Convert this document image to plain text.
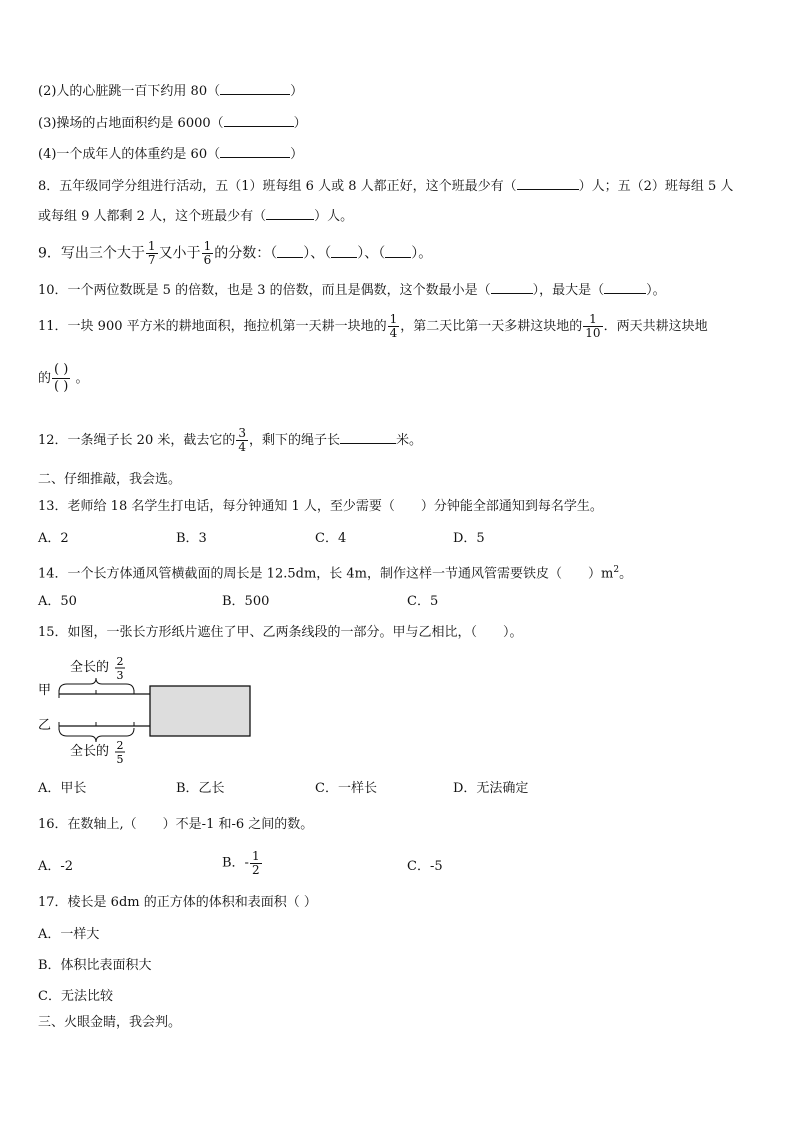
(2)人的心脏跳一百下约用 80（	）
(3)操场的占地面积约是 6000（	）
(4)一个成年人的体重约是 60（	）
8．五年级同学分组进行活动，五（1）班每组 6 人或 8 人都正好，这个班最少有（	）人；五（2）班每组 5 人
或每组 9 人都剩 2 人，这个班最少有（	）人。
9．写出三个大于 $\frac{1}{7}$ 又小于 $\frac{1}{6}$ 的分数：（ ）、（ ）、（ ）。
10．一个两位数既是 5 的倍数，也是 3 的倍数，而且是偶数，这个数最小是（	），最大是（	）。
11．一块 900 平方米的耕地面积，拖拉机第一天耕一块地的 $\frac{1}{4}$ ，第二天比第一天多耕这块地的 $\frac{1}{10}$ ．两天共耕这块地
的 $\frac{( )}{( )}$ 。
12．一条绳子长 20 米，截去它的 $\frac{3}{4}$ ，剩下的绳子长	米。
二、仔细推敲，我会选。
13．老师给 18 名学生打电话，每分钟通知 1 人，至少需要（　　）分钟能全部通知到每名学生。
A．2	B．3	C．4	D．5
14．一个长方体通风管横截面的周长是 12.5dm，长 4m，制作这样一节通风管需要铁皮（　　）$m^2$。
A．50	B．500	C．5
15．如图，一张长方形纸片遮住了甲、乙两条线段的一部分。甲与乙相比，（　　）。
全长的 2
3
甲
乙
全长的 2
5
A．甲长	B．乙长	C．一样长	D．无法确定
16．在数轴上,（　　）不是-1 和-6 之间的数。
A．-2	B．- $\frac{1}{2}$	C．-5
17．棱长是 6dm 的正方体的体积和表面积（ ）
A．一样大
B．体积比表面积大
C．无法比较
三、火眼金睛，我会判。
